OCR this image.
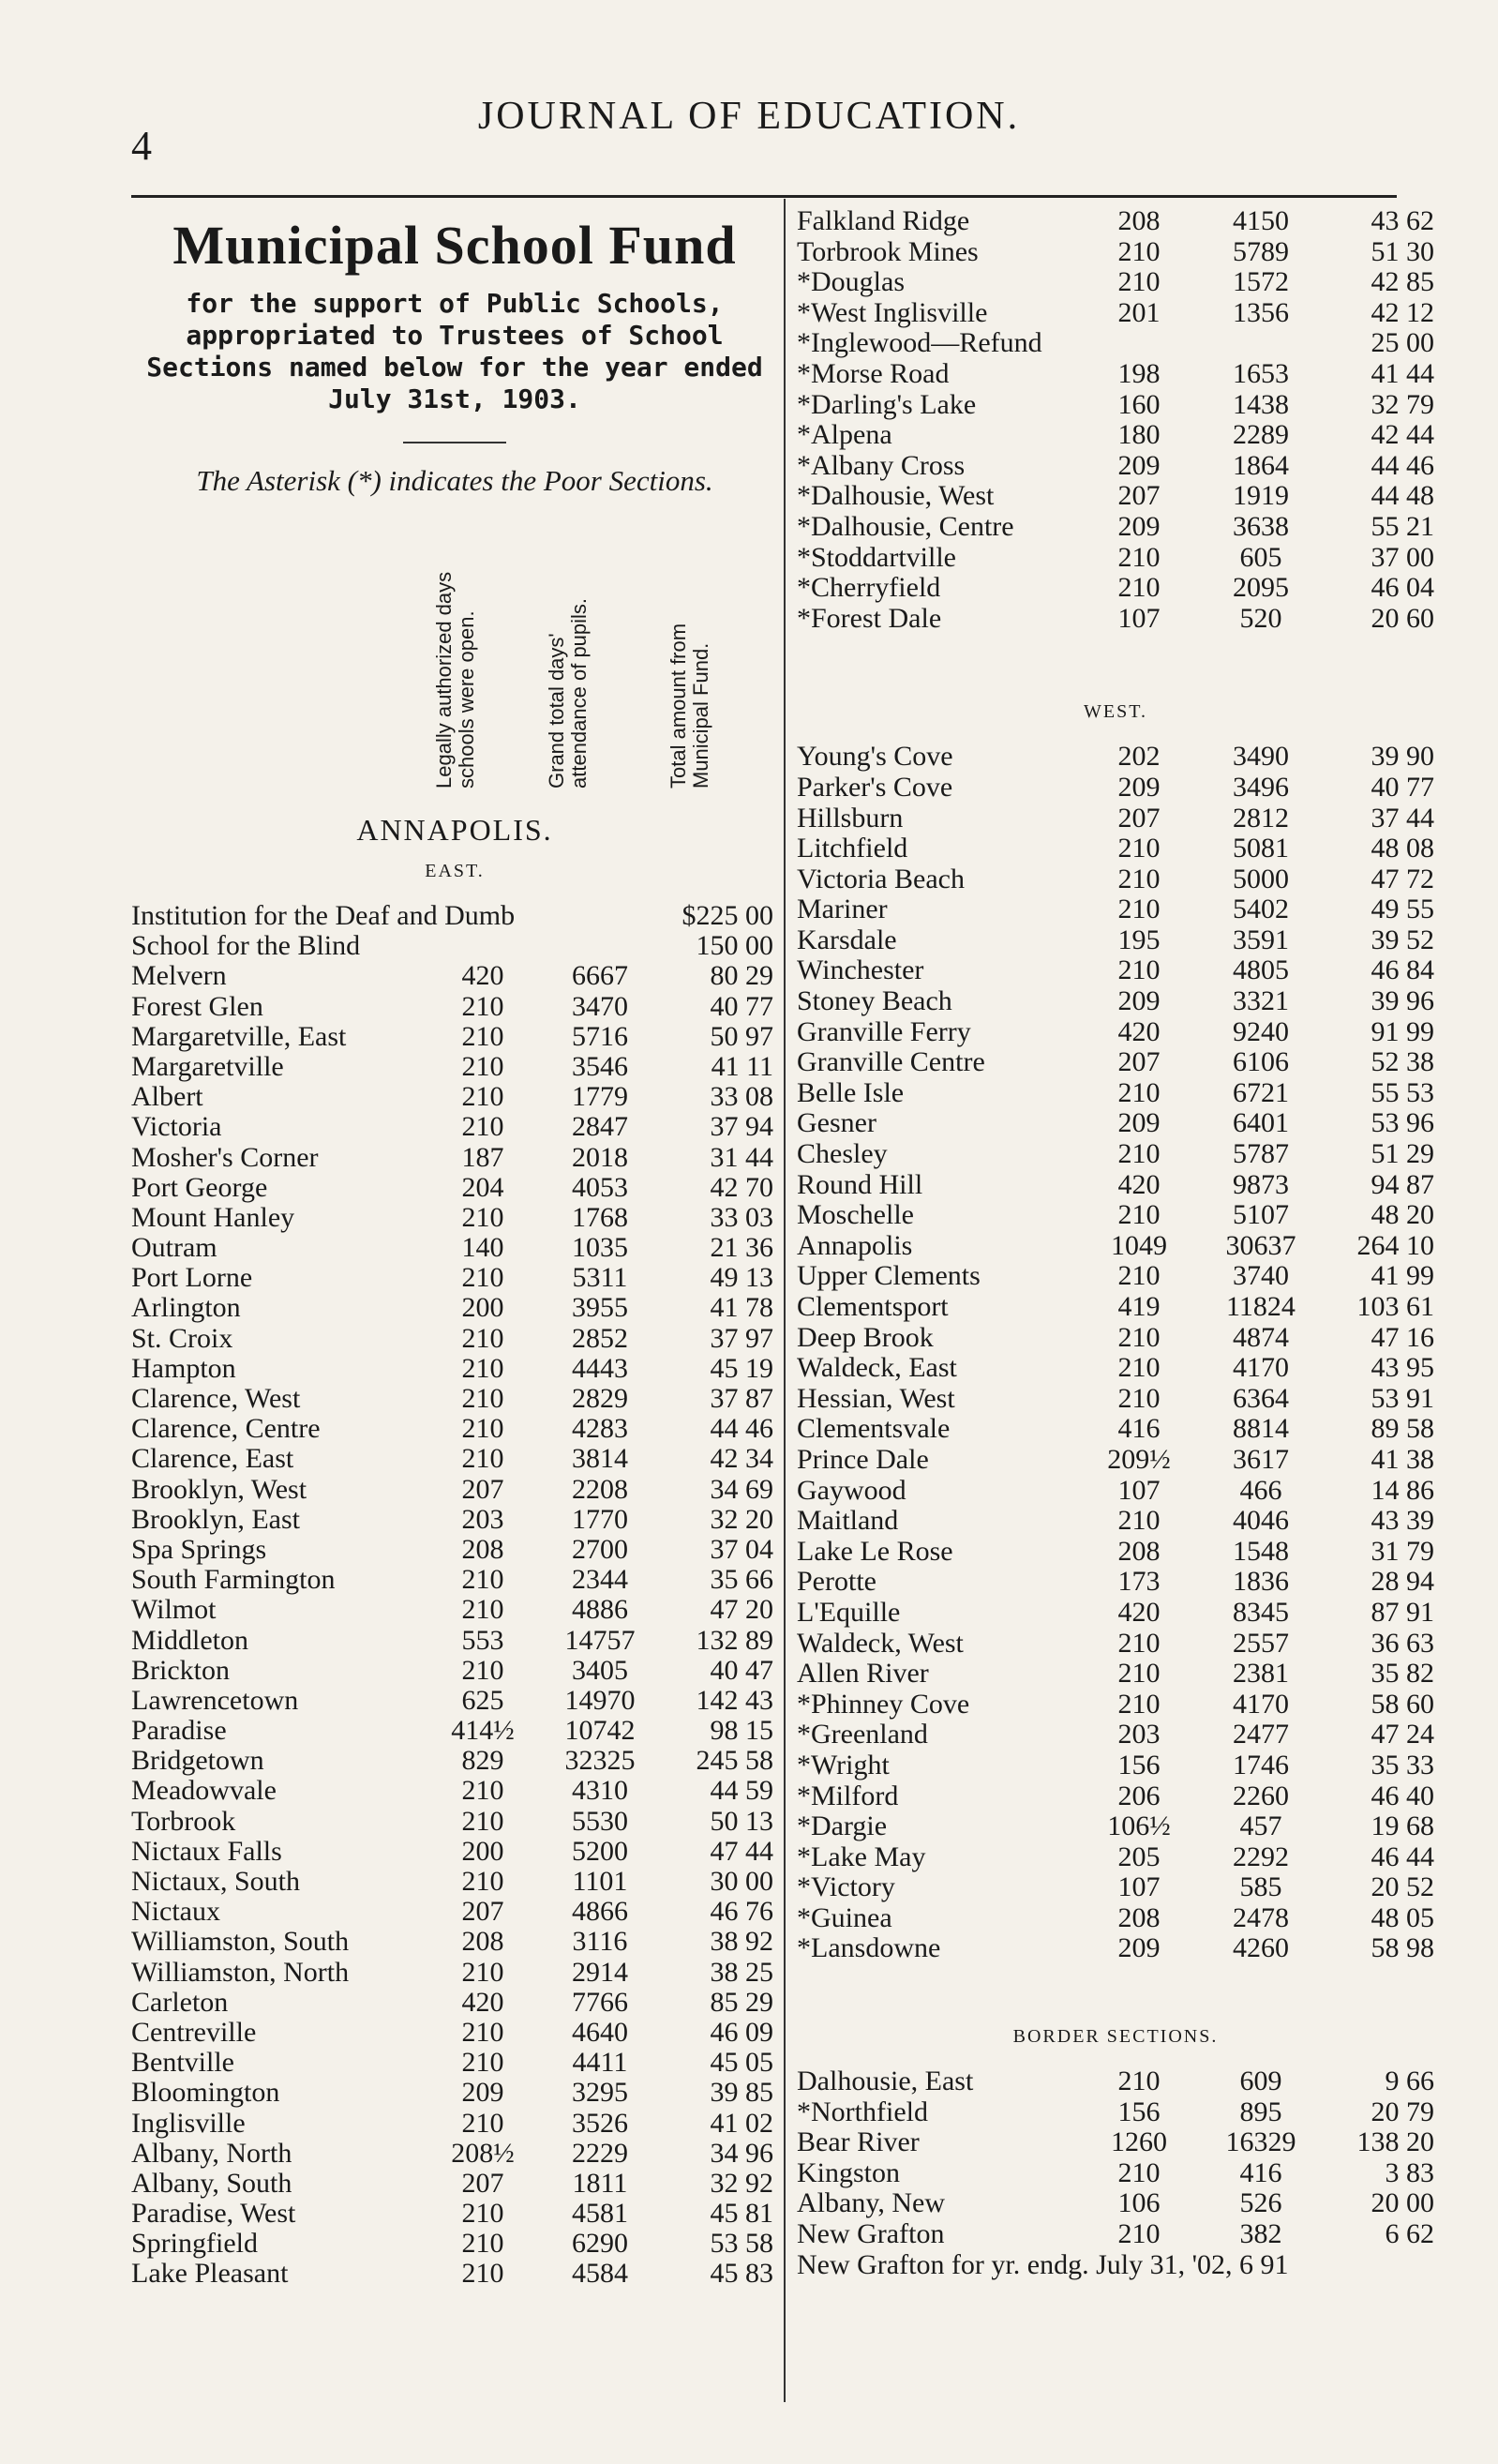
4
JOURNAL OF EDUCATION.
Municipal School Fund
for the support of Public Schools, appropriated to Trustees of School Sections named below for the year ended July 31st, 1903.
The Asterisk (*) indicates the Poor Sections.
Legally authorized days schools were open.	Grand total days' attendance of pupils.	Total amount from Municipal Fund.
ANNAPOLIS.
EAST.
Institution for the Deaf and Dumb	$225 00
School for the Blind	150 00
Melvern	420	6667	80 29
Forest Glen	210	3470	40 77
Margaretville, East	210	5716	50 97
Margaretville	210	3546	41 11
Albert	210	1779	33 08
Victoria	210	2847	37 94
Mosher's Corner	187	2018	31 44
Port George	204	4053	42 70
Mount Hanley	210	1768	33 03
Outram	140	1035	21 36
Port Lorne	210	5311	49 13
Arlington	200	3955	41 78
St. Croix	210	2852	37 97
Hampton	210	4443	45 19
Clarence, West	210	2829	37 87
Clarence, Centre	210	4283	44 46
Clarence, East	210	3814	42 34
Brooklyn, West	207	2208	34 69
Brooklyn, East	203	1770	32 20
Spa Springs	208	2700	37 04
South Farmington	210	2344	35 66
Wilmot	210	4886	47 20
Middleton	553	14757	132 89
Brickton	210	3405	40 47
Lawrencetown	625	14970	142 43
Paradise	414½	10742	98 15
Bridgetown	829	32325	245 58
Meadowvale	210	4310	44 59
Torbrook	210	5530	50 13
Nictaux Falls	200	5200	47 44
Nictaux, South	210	1101	30 00
Nictaux	207	4866	46 76
Williamston, South	208	3116	38 92
Williamston, North	210	2914	38 25
Carleton	420	7766	85 29
Centreville	210	4640	46 09
Bentville	210	4411	45 05
Bloomington	209	3295	39 85
Inglisville	210	3526	41 02
Albany, North	208½	2229	34 96
Albany, South	207	1811	32 92
Paradise, West	210	4581	45 81
Springfield	210	6290	53 58
Lake Pleasant	210	4584	45 83
Falkland Ridge	208	4150	43 62
Torbrook Mines	210	5789	51 30
*Douglas	210	1572	42 85
*West Inglisville	201	1356	42 12
*Inglewood—Refund	25 00
*Morse Road	198	1653	41 44
*Darling's Lake	160	1438	32 79
*Alpena	180	2289	42 44
*Albany Cross	209	1864	44 46
*Dalhousie, West	207	1919	44 48
*Dalhousie, Centre	209	3638	55 21
*Stoddartville	210	605	37 00
*Cherryfield	210	2095	46 04
*Forest Dale	107	520	20 60
WEST.
Young's Cove	202	3490	39 90
Parker's Cove	209	3496	40 77
Hillsburn	207	2812	37 44
Litchfield	210	5081	48 08
Victoria Beach	210	5000	47 72
Mariner	210	5402	49 55
Karsdale	195	3591	39 52
Winchester	210	4805	46 84
Stoney Beach	209	3321	39 96
Granville Ferry	420	9240	91 99
Granville Centre	207	6106	52 38
Belle Isle	210	6721	55 53
Gesner	209	6401	53 96
Chesley	210	5787	51 29
Round Hill	420	9873	94 87
Moschelle	210	5107	48 20
Annapolis	1049	30637	264 10
Upper Clements	210	3740	41 99
Clementsport	419	11824	103 61
Deep Brook	210	4874	47 16
Waldeck, East	210	4170	43 95
Hessian, West	210	6364	53 91
Clementsvale	416	8814	89 58
Prince Dale	209½	3617	41 38
Gaywood	107	466	14 86
Maitland	210	4046	43 39
Lake Le Rose	208	1548	31 79
Perotte	173	1836	28 94
L'Equille	420	8345	87 91
Waldeck, West	210	2557	36 63
Allen River	210	2381	35 82
*Phinney Cove	210	4170	58 60
*Greenland	203	2477	47 24
*Wright	156	1746	35 33
*Milford	206	2260	46 40
*Dargie	106½	457	19 68
*Lake May	205	2292	46 44
*Victory	107	585	20 52
*Guinea	208	2478	48 05
*Lansdowne	209	4260	58 98
BORDER SECTIONS.
Dalhousie, East	210	609	9 66
*Northfield	156	895	20 79
Bear River	1260	16329	138 20
Kingston	210	416	3 83
Albany, New	106	526	20 00
New Grafton	210	382	6 62
New Grafton for yr. endg. July 31, '02, 6 91
